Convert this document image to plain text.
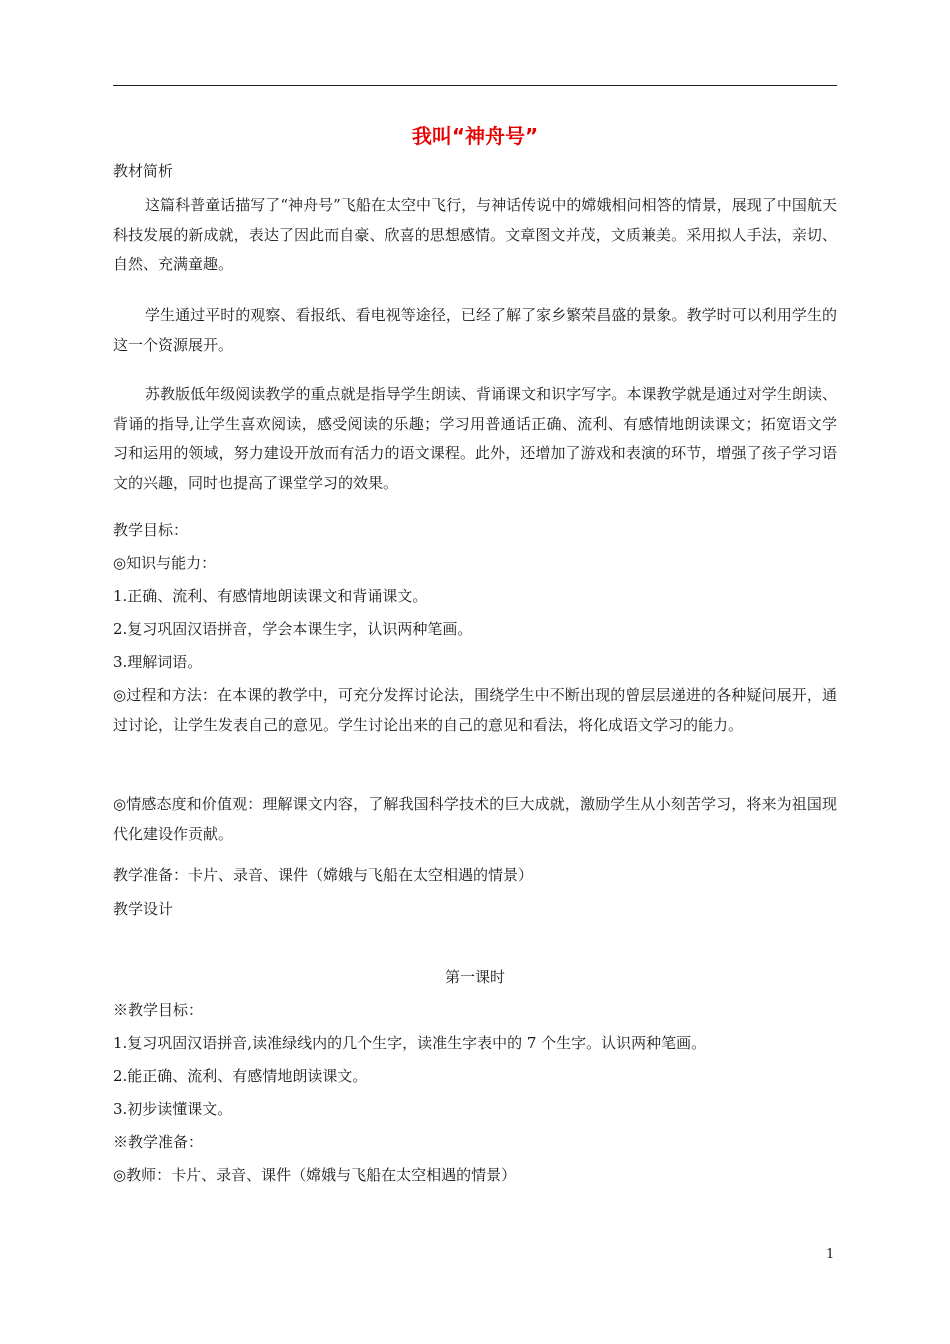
我叫“神舟号”

教材简析

这篇科普童话描写了“神舟号”飞船在太空中飞行，与神话传说中的嫦娥相问相答的情景，展现了中国航天科技发展的新成就，表达了因此而自豪、欣喜的思想感情。文章图文并茂，文质兼美。采用拟人手法，亲切、自然、充满童趣。

学生通过平时的观察、看报纸、看电视等途径，已经了解了家乡繁荣昌盛的景象。教学时可以利用学生的这一个资源展开。

苏教版低年级阅读教学的重点就是指导学生朗读、背诵课文和识字写字。本课教学就是通过对学生朗读、背诵的指导,让学生喜欢阅读，感受阅读的乐趣；学习用普通话正确、流利、有感情地朗读课文；拓宽语文学习和运用的领域，努力建设开放而有活力的语文课程。此外，还增加了游戏和表演的环节，增强了孩子学习语文的兴趣，同时也提高了课堂学习的效果。

教学目标：

◎知识与能力：

1.正确、流利、有感情地朗读课文和背诵课文。

2.复习巩固汉语拼音，学会本课生字，认识两种笔画。

3.理解词语。

◎过程和方法：在本课的教学中，可充分发挥讨论法，围绕学生中不断出现的曾层层递进的各种疑问展开，通过讨论，让学生发表自己的意见。学生讨论出来的自己的意见和看法，将化成语文学习的能力。

◎情感态度和价值观：理解课文内容，了解我国科学技术的巨大成就，激励学生从小刻苦学习，将来为祖国现代化建设作贡献。

教学准备：卡片、录音、课件（嫦娥与飞船在太空相遇的情景）

教学设计

第一课时

※教学目标：

1.复习巩固汉语拼音,读准绿线内的几个生字，读准生字表中的 7 个生字。认识两种笔画。

2.能正确、流利、有感情地朗读课文。

3.初步读懂课文。

※教学准备：

◎教师：卡片、录音、课件（嫦娥与飞船在太空相遇的情景）

1
